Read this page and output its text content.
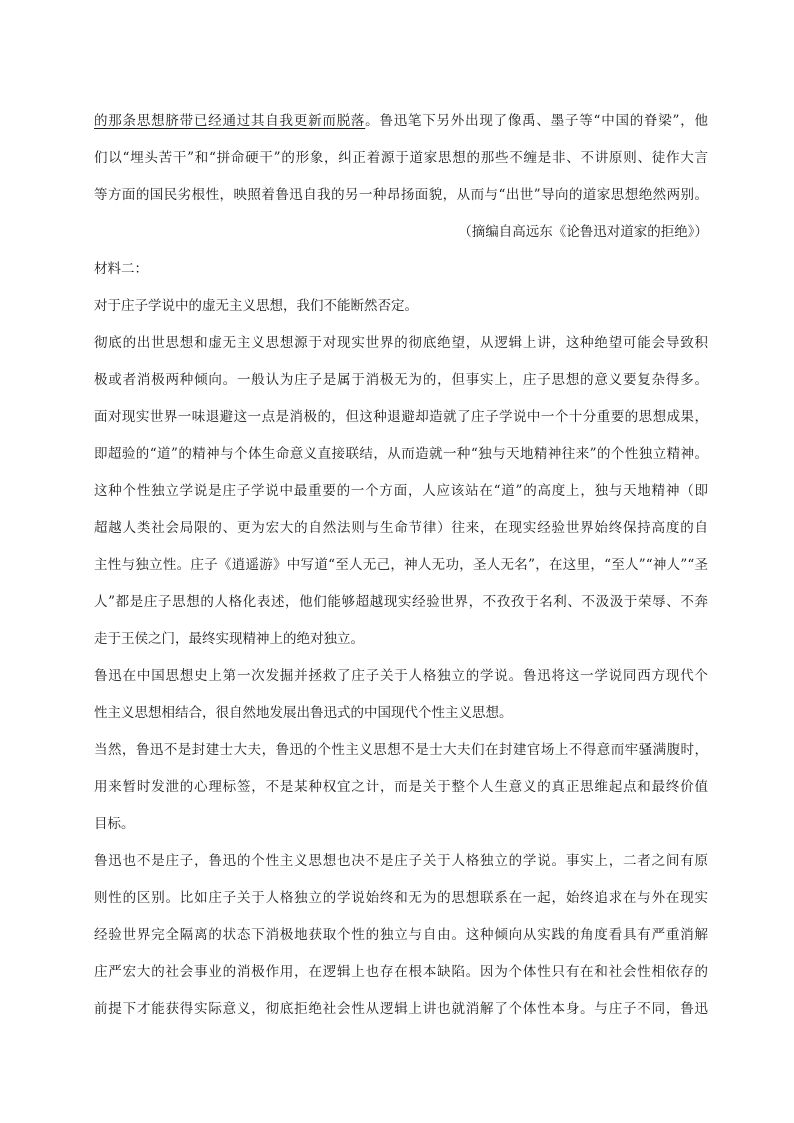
的那条思想脐带已经通过其自我更新而脱落。鲁迅笔下另外出现了像禹、墨子等“中国的脊梁”，他
们以“埋头苦干”和“拼命硬干”的形象，纠正着源于道家思想的那些不缠是非、不讲原则、徒作大言
等方面的国民劣根性，映照着鲁迅自我的另一种昂扬面貌，从而与“出世”导向的道家思想绝然两别。
（摘编自高远东《论鲁迅对道家的拒绝》）
材料二：
对于庄子学说中的虚无主义思想，我们不能断然否定。
彻底的出世思想和虚无主义思想源于对现实世界的彻底绝望，从逻辑上讲，这种绝望可能会导致积
极或者消极两种倾向。一般认为庄子是属于消极无为的，但事实上，庄子思想的意义要复杂得多。
面对现实世界一味退避这一点是消极的，但这种退避却造就了庄子学说中一个十分重要的思想成果，
即超验的“道”的精神与个体生命意义直接联结，从而造就一种“独与天地精神往来”的个性独立精神。
这种个性独立学说是庄子学说中最重要的一个方面，人应该站在“道”的高度上，独与天地精神（即
超越人类社会局限的、更为宏大的自然法则与生命节律）往来，在现实经验世界始终保持高度的自
主性与独立性。庄子《逍遥游》中写道“至人无己，神人无功，圣人无名”，在这里，“至人”“神人”“圣
人”都是庄子思想的人格化表述，他们能够超越现实经验世界，不孜孜于名利、不汲汲于荣辱、不奔
走于王侯之门，最终实现精神上的绝对独立。
鲁迅在中国思想史上第一次发掘并拯救了庄子关于人格独立的学说。鲁迅将这一学说同西方现代个
性主义思想相结合，很自然地发展出鲁迅式的中国现代个性主义思想。
当然，鲁迅不是封建士大夫，鲁迅的个性主义思想不是士大夫们在封建官场上不得意而牢骚满腹时，
用来暂时发泄的心理标签，不是某种权宜之计，而是关于整个人生意义的真正思维起点和最终价值
目标。
鲁迅也不是庄子，鲁迅的个性主义思想也决不是庄子关于人格独立的学说。事实上，二者之间有原
则性的区别。比如庄子关于人格独立的学说始终和无为的思想联系在一起，始终追求在与外在现实
经验世界完全隔离的状态下消极地获取个性的独立与自由。这种倾向从实践的角度看具有严重消解
庄严宏大的社会事业的消极作用，在逻辑上也存在根本缺陷。因为个体性只有在和社会性相依存的
前提下才能获得实际意义，彻底拒绝社会性从逻辑上讲也就消解了个体性本身。与庄子不同，鲁迅
